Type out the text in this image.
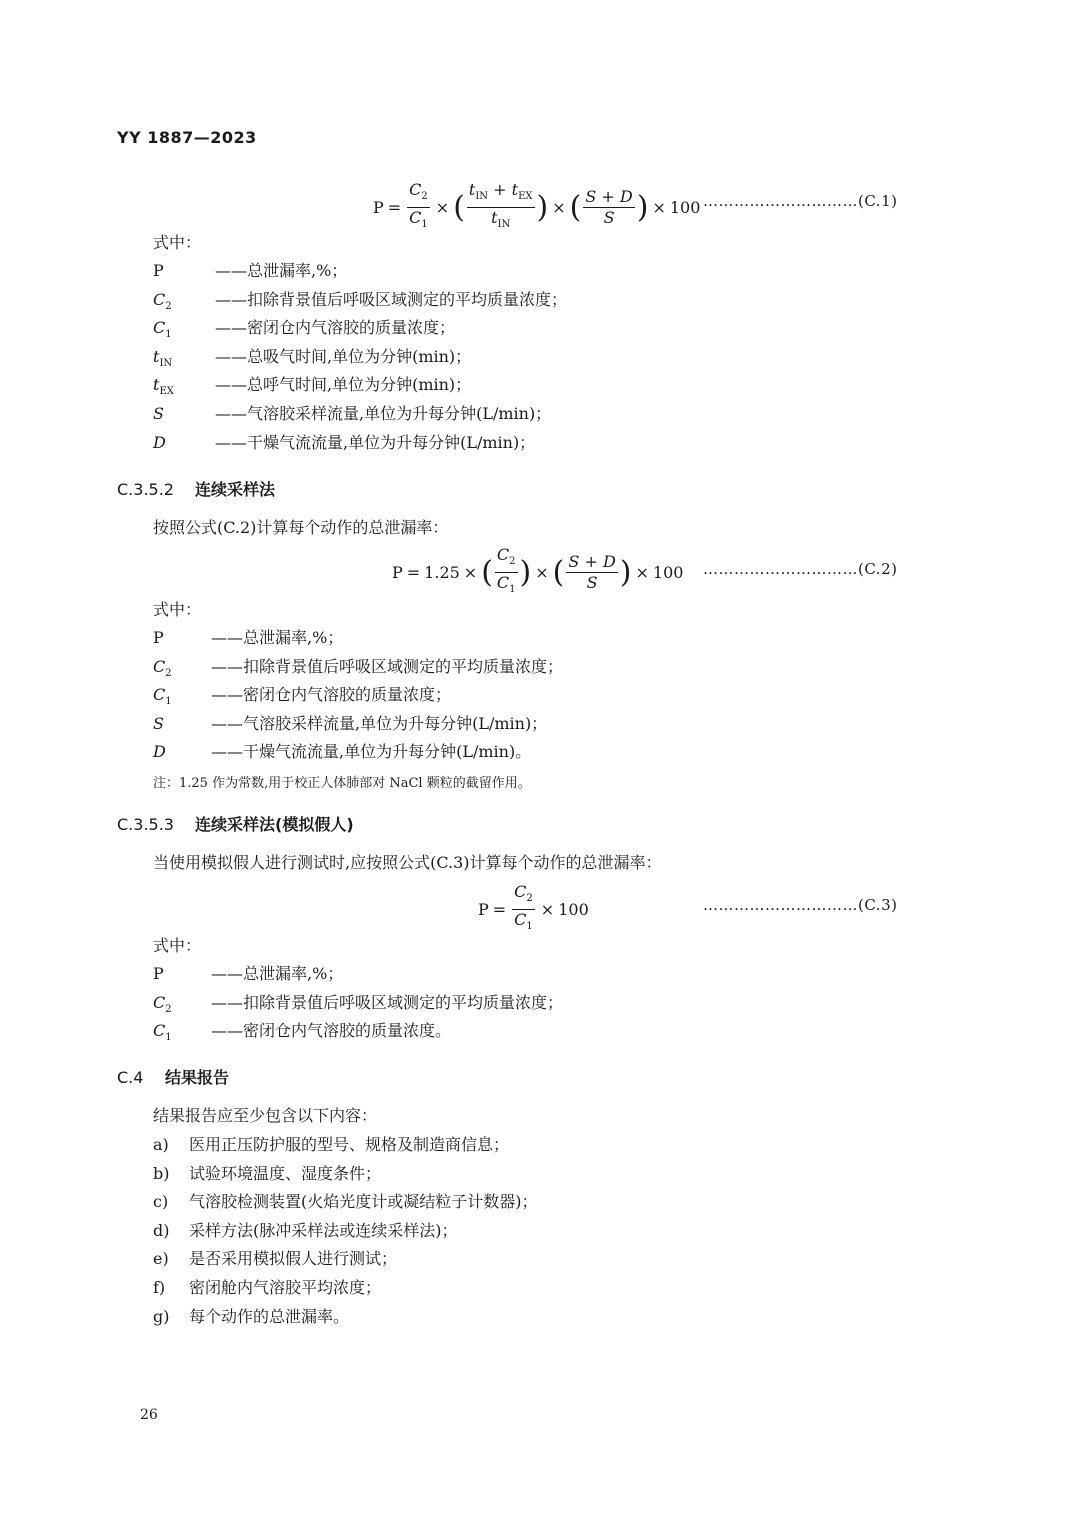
YY 1887—2023
$P = \frac{C_2}{C_1}$ × ( $\frac{t_{IN} + t_{EX}}{t_{IN}}$ ) × ( $\frac{S + D}{S}$ ) × 100 …………………………(C.1)
式中：
P	——总泄漏率,%；
$C_2$	——扣除背景值后呼吸区域测定的平均质量浓度；
$C_1$	——密闭仓内气溶胶的质量浓度；
$t_{IN}$	——总吸气时间,单位为分钟(min)；
$t_{EX}$	——总呼气时间,单位为分钟(min)；
S	——气溶胶采样流量,单位为升每分钟(L/min)；
D	——干燥气流流量,单位为升每分钟(L/min)；
C.3.5.2 连续采样法
按照公式(C.2)计算每个动作的总泄漏率：
P = 1.25 × ( $\frac{C_2}{C_1}$ ) × ( $\frac{S + D}{S}$ ) × 100 …………………………(C.2)
式中：
P	——总泄漏率,%；
$C_2$ ——扣除背景值后呼吸区域测定的平均质量浓度；
$C_1$ ——密闭仓内气溶胶的质量浓度；
S	——气溶胶采样流量,单位为升每分钟(L/min)；
D	——干燥气流流量,单位为升每分钟(L/min)。
注：1.25 作为常数,用于校正人体肺部对 NaCl 颗粒的截留作用。
C.3.5.3 连续采样法(模拟假人)
当使用模拟假人进行测试时,应按照公式(C.3)计算每个动作的总泄漏率：
$P = \frac{C_2}{C_1} \times 100$	…………………………(C.3)
式中：
P	——总泄漏率,%；
$C_2$ ——扣除背景值后呼吸区域测定的平均质量浓度；
$C_1$ ——密闭仓内气溶胶的质量浓度。
C.4 结果报告
结果报告应至少包含以下内容：
a) 医用正压防护服的型号、规格及制造商信息；
b) 试验环境温度、湿度条件；
c) 气溶胶检测装置(火焰光度计或凝结粒子计数器)；
d) 采样方法(脉冲采样法或连续采样法)；
e) 是否采用模拟假人进行测试；
f) 密闭舱内气溶胶平均浓度；
g) 每个动作的总泄漏率。
26
